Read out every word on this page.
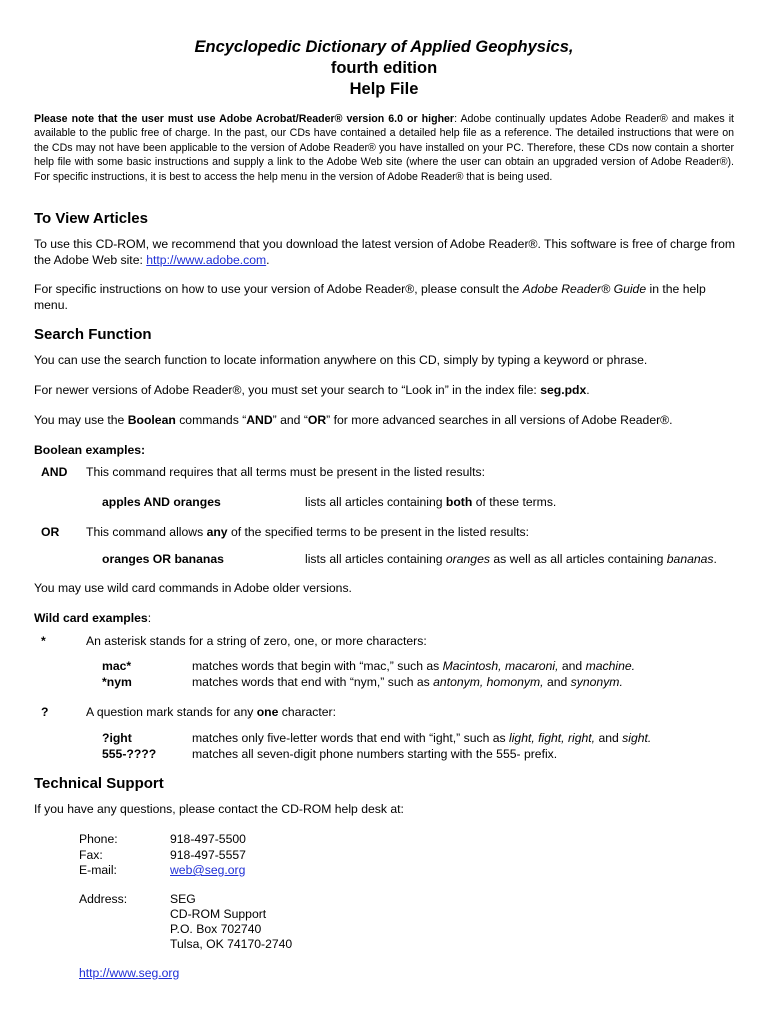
Encyclopedic Dictionary of Applied Geophysics,
fourth edition
Help File
Please note that the user must use Adobe Acrobat/Reader® version 6.0 or higher: Adobe continually updates Adobe Reader® and makes it available to the public free of charge. In the past, our CDs have contained a detailed help file as a reference. The detailed instructions that were on the CDs may not have been applicable to the version of Adobe Reader® you have installed on your PC. Therefore, these CDs now contain a shorter help file with some basic instructions and supply a link to the Adobe Web site (where the user can obtain an upgraded version of Adobe Reader®). For specific instructions, it is best to access the help menu in the version of Adobe Reader® that is being used.
To View Articles
To use this CD-ROM, we recommend that you download the latest version of Adobe Reader®. This software is free of charge from the Adobe Web site: http://www.adobe.com.
For specific instructions on how to use your version of Adobe Reader®, please consult the Adobe Reader® Guide in the help menu.
Search Function
You can use the search function to locate information anywhere on this CD, simply by typing a keyword or phrase.
For newer versions of Adobe Reader®, you must set your search to “Look in” in the index file: seg.pdx.
You may use the Boolean commands “AND” and “OR” for more advanced searches in all versions of Adobe Reader®.
Boolean examples:
AND This command requires that all terms must be present in the listed results:
apples AND oranges	lists all articles containing both of these terms.
OR This command allows any of the specified terms to be present in the listed results:
oranges OR bananas	lists all articles containing oranges as well as all articles containing bananas.
You may use wild card commands in Adobe older versions.
Wild card examples:
*	An asterisk stands for a string of zero, one, or more characters:
mac*	matches words that begin with “mac,” such as Macintosh, macaroni, and machine.
*nym	matches words that end with “nym,” such as antonym, homonym, and synonym.
?	A question mark stands for any one character:
?ight	matches only five-letter words that end with “ight,” such as light, fight, right, and sight.
555-????	matches all seven-digit phone numbers starting with the 555- prefix.
Technical Support
If you have any questions, please contact the CD-ROM help desk at:
Phone:	918-497-5500
Fax:	918-497-5557
E-mail:	web@seg.org
Address:	SEG
CD-ROM Support
P.O. Box 702740
Tulsa, OK 74170-2740
http://www.seg.org
